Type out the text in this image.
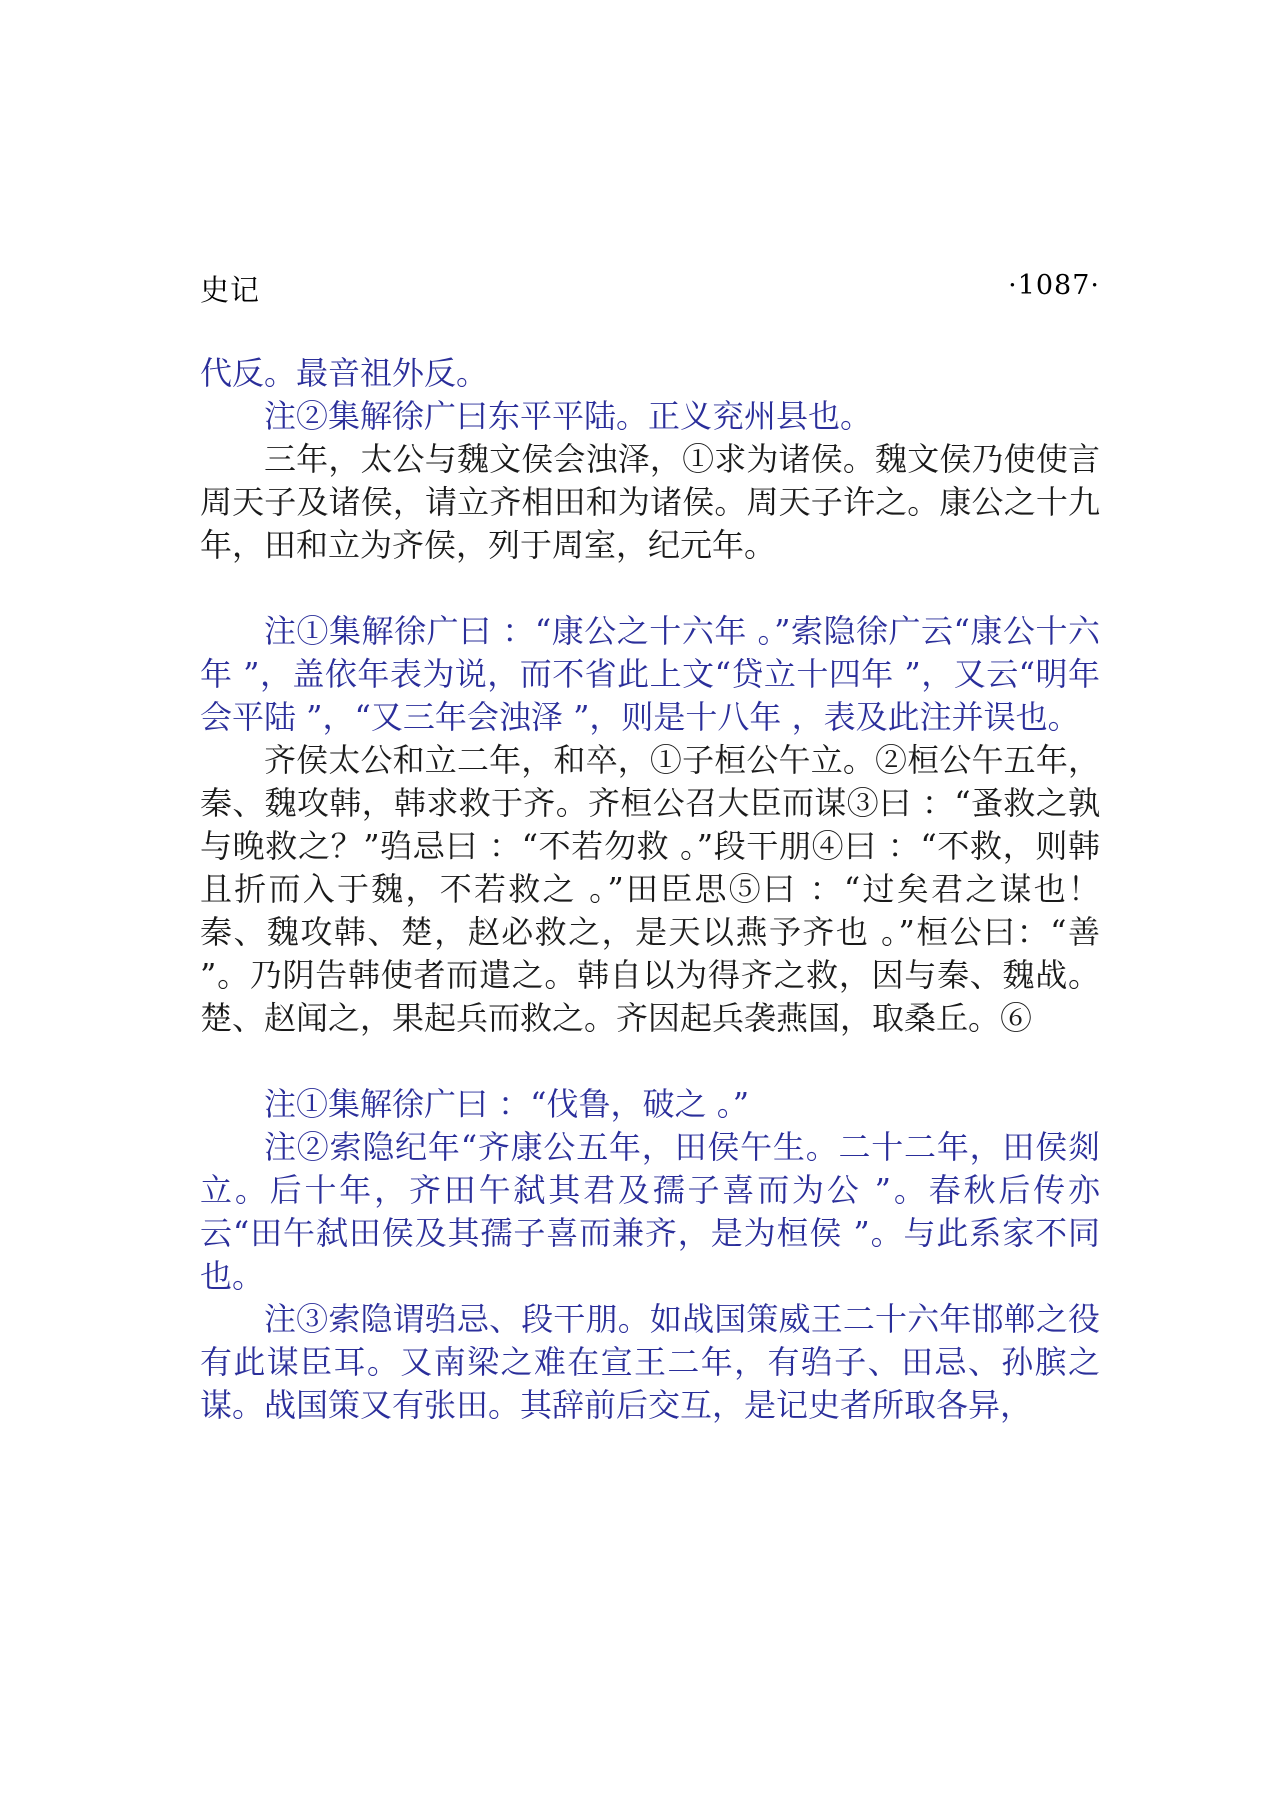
史记	·1087·

代反。最音祖外反。

注②集解徐广曰东平平陆。正义兖州县也。

三年，太公与魏文侯会浊泽，①求为诸侯。魏文侯乃使使言周天子及诸侯，请立齐相田和为诸侯。周天子许之。康公之十九年，田和立为齐侯，列于周室，纪元年。

注①集解徐广曰 ：“康公之十六年 。”索隐徐广云“康公十六年 ”，盖依年表为说，而不省此上文“贷立十四年 ”，又云“明年会平陆 ”，“又三年会浊泽 ”，则是十八年 ，表及此注并误也。

齐侯太公和立二年，和卒，①子桓公午立。②桓公午五年，秦、魏攻韩，韩求救于齐。齐桓公召大臣而谋③曰 ：“蚤救之孰与晚救之？”驺忌曰 ：“不若勿救 。”段干朋④曰 ：“不救，则韩且折而入于魏，不若救之 。”田臣思⑤曰 ：“过矣君之谋也！秦、魏攻韩、楚，赵必救之，是天以燕予齐也 。”桓公曰：“善 ”。乃阴告韩使者而遣之。韩自以为得齐之救，因与秦、魏战。楚、赵闻之，果起兵而救之。齐因起兵袭燕国，取桑丘。⑥

注①集解徐广曰 ：“伐鲁，破之 。”

注②索隐纪年“齐康公五年，田侯午生。二十二年，田侯剡立。后十年，齐田午弑其君及孺子喜而为公 ”。春秋后传亦云“田午弑田侯及其孺子喜而兼齐，是为桓侯 ”。与此系家不同也。

注③索隐谓驺忌、段干朋。如战国策威王二十六年邯郸之役有此谋臣耳。又南梁之难在宣王二年，有驺子、田忌、孙膑之谋。战国策又有张田。其辞前后交互，是记史者所取各异，
